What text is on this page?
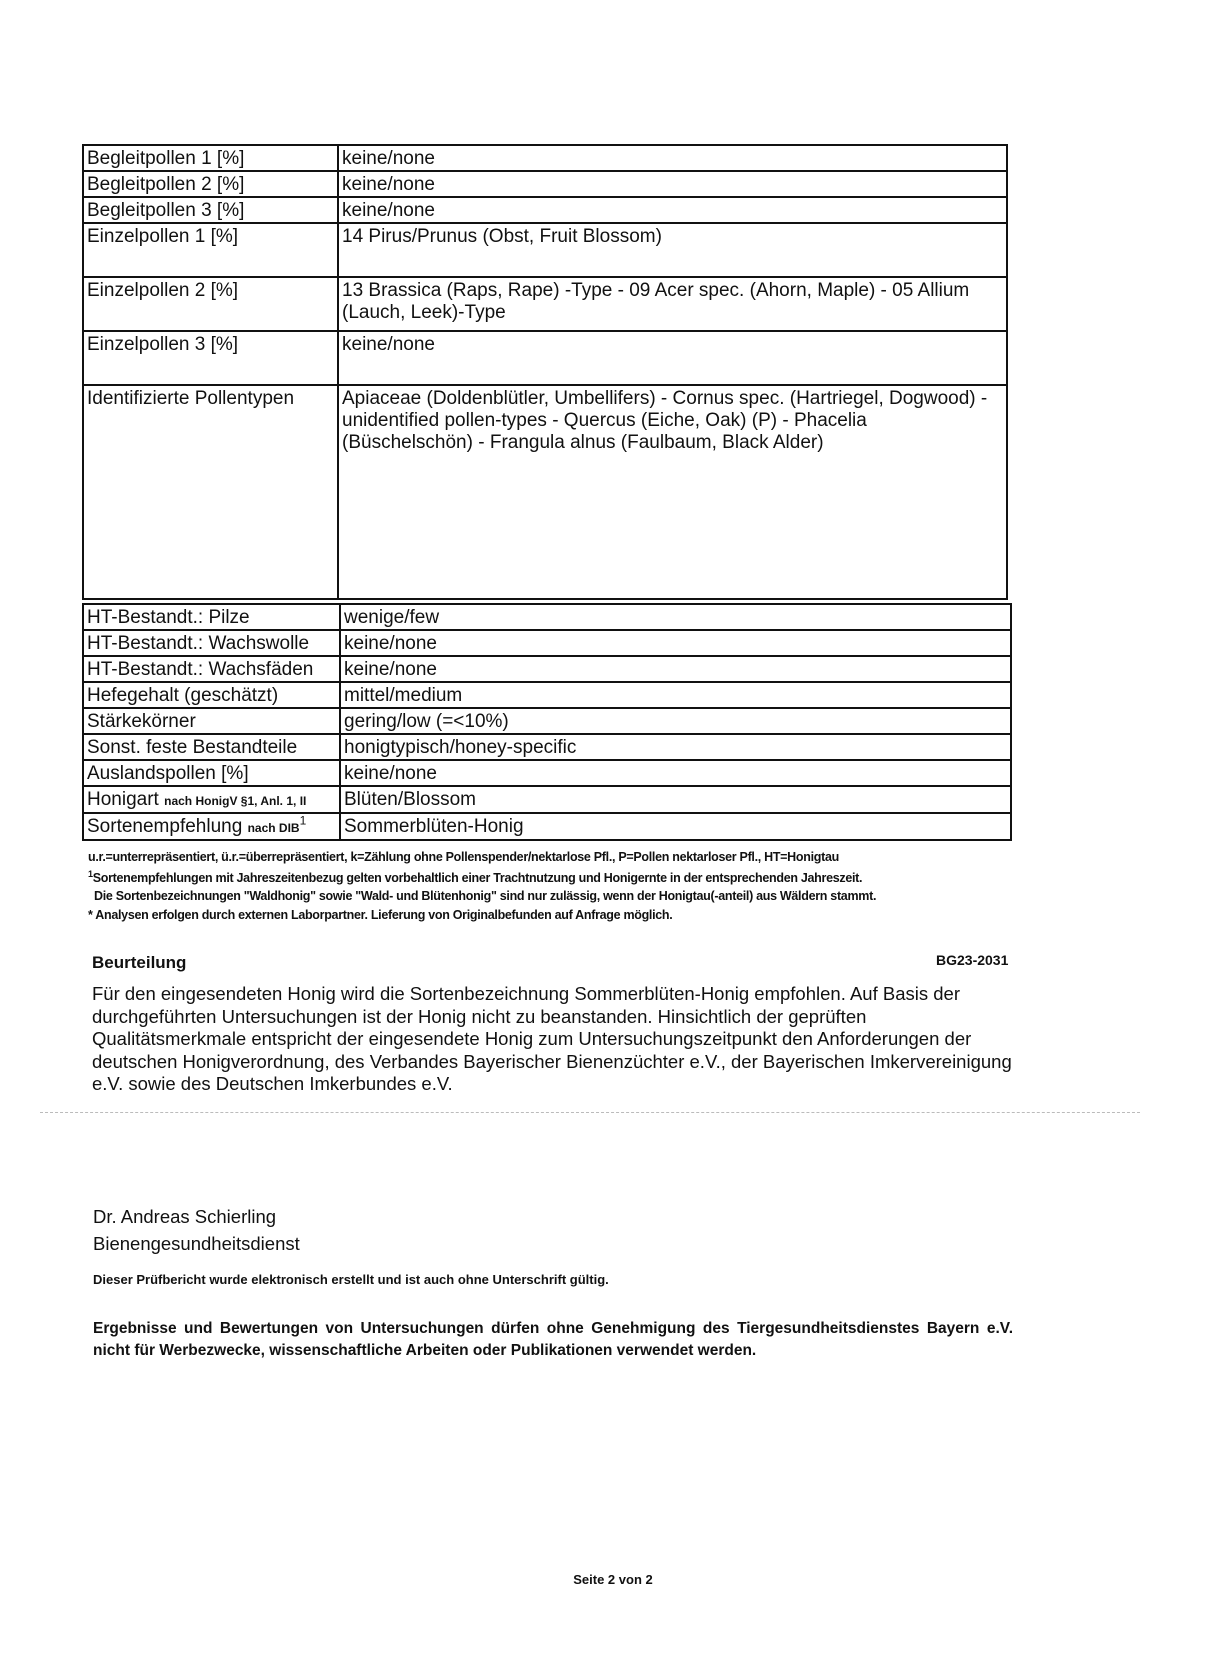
Begleitpollen 1 [%]	keine/none
Begleitpollen 2 [%]	keine/none
Begleitpollen 3 [%]	keine/none
Einzelpollen 1 [%]	14 Pirus/Prunus (Obst, Fruit Blossom)
Einzelpollen 2 [%]	13 Brassica (Raps, Rape) -Type - 09 Acer spec. (Ahorn, Maple) - 05 Allium (Lauch, Leek)-Type
Einzelpollen 3 [%]	keine/none
Identifizierte Pollentypen	Apiaceae (Doldenblütler, Umbellifers) - Cornus spec. (Hartriegel, Dogwood) - unidentified pollen-types - Quercus (Eiche, Oak) (P) - Phacelia (Büschelschön) - Frangula alnus (Faulbaum, Black Alder)
HT-Bestandt.: Pilze	wenige/few
HT-Bestandt.: Wachswolle	keine/none
HT-Bestandt.: Wachsfäden	keine/none
Hefegehalt (geschätzt)	mittel/medium
Stärkekörner	gering/low (=<10%)
Sonst. feste Bestandteile	honigtypisch/honey-specific
Auslandspollen [%]	keine/none
Honigart nach HonigV §1, Anl. 1, II	Blüten/Blossom
Sortenempfehlung nach DIB$^1$	Sommerblüten-Honig
u.r.=unterrepräsentiert, ü.r.=überrepräsentiert, k=Zählung ohne Pollenspender/nektarlose Pfl., P=Pollen nektarloser Pfl., HT=Honigtau
$^1$Sortenempfehlungen mit Jahreszeitenbezug gelten vorbehaltlich einer Trachtnutzung und Honigernte in der entsprechenden Jahreszeit.
Die Sortenbezeichnungen "Waldhonig" sowie "Wald- und Blütenhonig" sind nur zulässig, wenn der Honigtau(-anteil) aus Wäldern stammt.
* Analysen erfolgen durch externen Laborpartner. Lieferung von Originalbefunden auf Anfrage möglich.
Beurteilung	BG23-2031
Für den eingesendeten Honig wird die Sortenbezeichnung Sommerblüten-Honig empfohlen. Auf Basis der durchgeführten Untersuchungen ist der Honig nicht zu beanstanden. Hinsichtlich der geprüften Qualitätsmerkmale entspricht der eingesendete Honig zum Untersuchungszeitpunkt den Anforderungen der deutschen Honigverordnung, des Verbandes Bayerischer Bienenzüchter e.V., der Bayerischen Imkervereinigung e.V. sowie des Deutschen Imkerbundes e.V.
Dr. Andreas Schierling
Bienengesundheitsdienst
Dieser Prüfbericht wurde elektronisch erstellt und ist auch ohne Unterschrift gültig.
Ergebnisse und Bewertungen von Untersuchungen dürfen ohne Genehmigung des Tiergesundheitsdienstes Bayern e.V. nicht für Werbezwecke, wissenschaftliche Arbeiten oder Publikationen verwendet werden.
Seite 2 von 2
